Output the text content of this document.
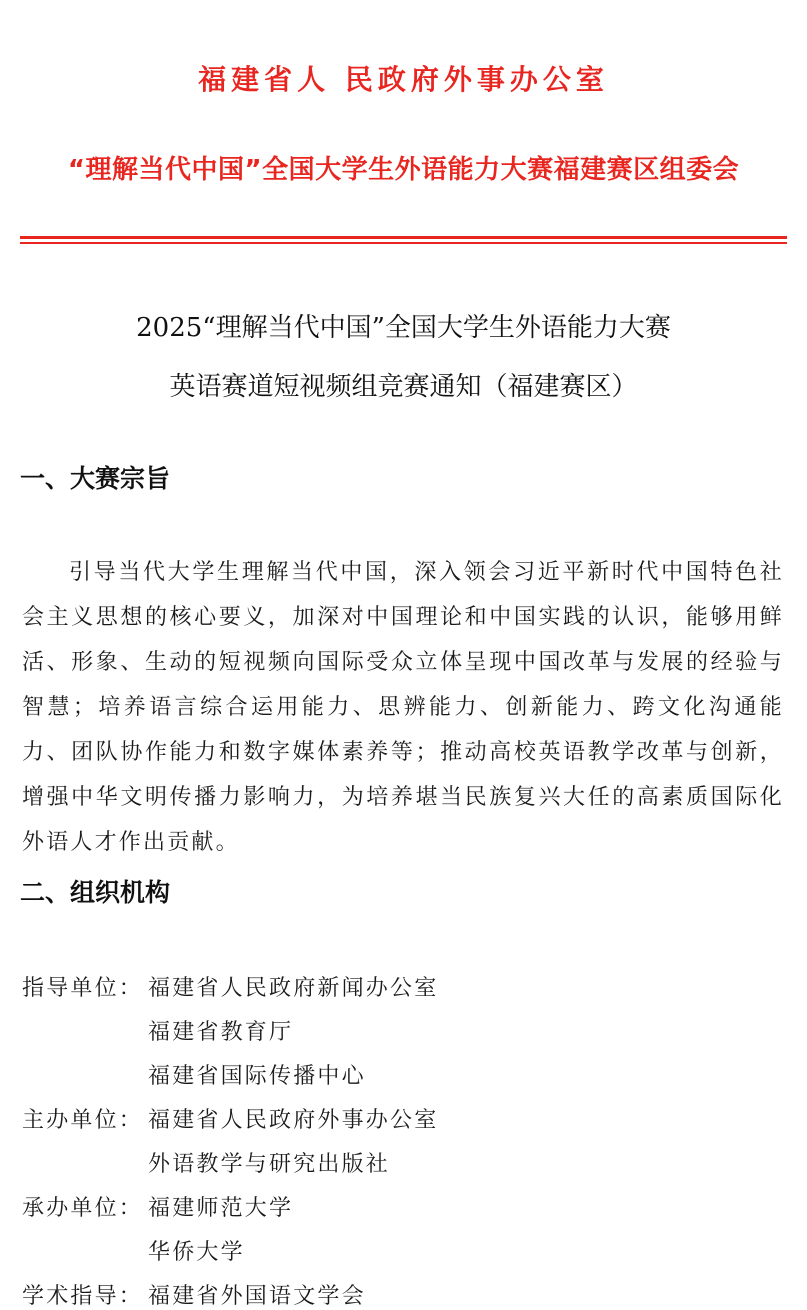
福建省人 民政府外事办公室
“理解当代中国”全国大学生外语能力大赛福建赛区组委会
2025“理解当代中国”全国大学生外语能力大赛
英语赛道短视频组竞赛通知（福建赛区）
一、大赛宗旨
引导当代大学生理解当代中国，深入领会习近平新时代中国特色社会主义思想的核心要义，加深对中国理论和中国实践的认识，能够用鲜活、形象、生动的短视频向国际受众立体呈现中国改革与发展的经验与智慧；培养语言综合运用能力、思辨能力、创新能力、跨文化沟通能力、团队协作能力和数字媒体素养等；推动高校英语教学改革与创新，增强中华文明传播力影响力，为培养堪当民族复兴大任的高素质国际化外语人才作出贡献。
二、组织机构
指导单位： 福建省人民政府新闻办公室
福建省教育厅
福建省国际传播中心
主办单位： 福建省人民政府外事办公室
外语教学与研究出版社
承办单位： 福建师范大学
华侨大学
学术指导： 福建省外国语文学会
